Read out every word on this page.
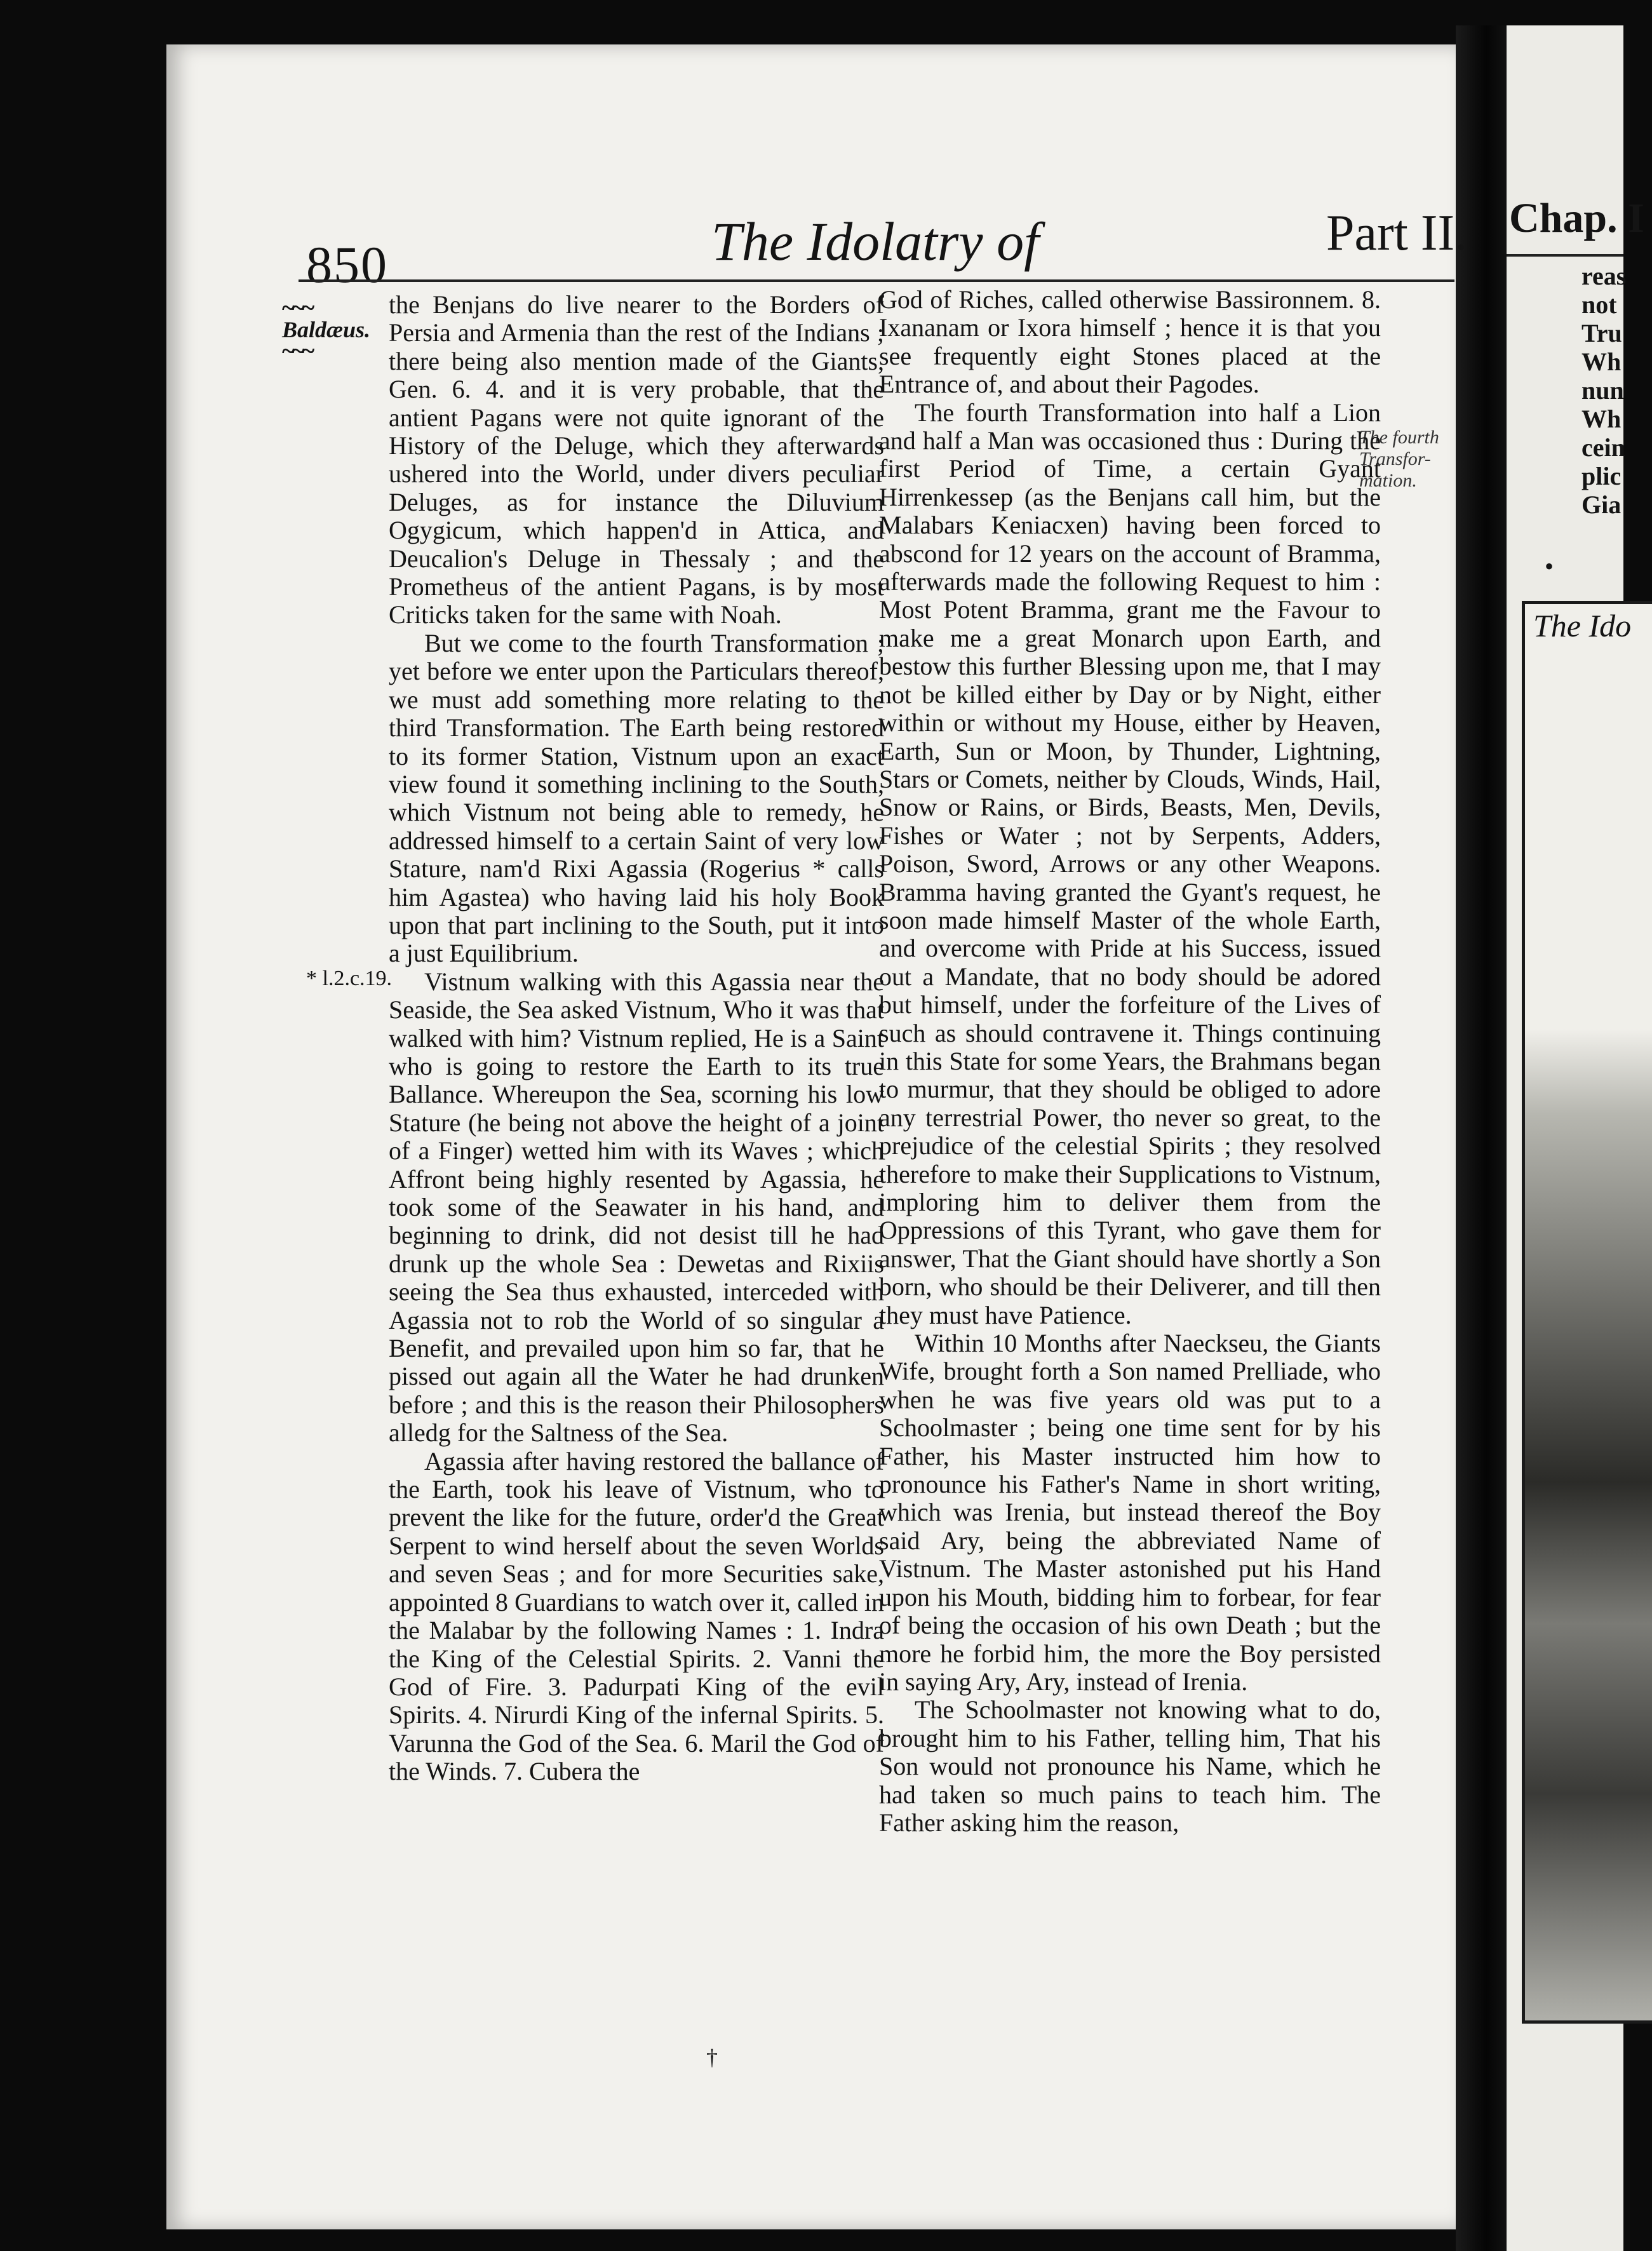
850	The Idolatry of	Part II.
~~~
Baldæus.
~~~
* l.2.c.19.
The fourth
Transfor-
mation.

the Benjans do live nearer to the Borders of Persia and Armenia than the rest of the Indians ; there being also mention made of the Giants, Gen. 6. 4. and it is very probable, that the antient Pagans were not quite ignorant of the History of the Deluge, which they afterwards ushered into the World, under divers peculiar Deluges, as for instance the Diluvium Ogygicum, which happen'd in Attica, and Deucalion's Deluge in Thessaly ; and the Prometheus of the antient Pagans, is by most Criticks taken for the same with Noah.

But we come to the fourth Transformation ; yet before we enter upon the Particulars thereof, we must add something more relating to the third Transformation. The Earth being restored to its former Station, Vistnum upon an exact view found it something inclining to the South, which Vistnum not being able to remedy, he addressed himself to a certain Saint of very low Stature, nam'd Rixi Agassia (Rogerius * calls him Agastea) who having laid his holy Book upon that part inclining to the South, put it into a just Equilibrium.

Vistnum walking with this Agassia near the Seaside, the Sea asked Vistnum, Who it was that walked with him? Vistnum replied, He is a Saint who is going to restore the Earth to its true Ballance. Whereupon the Sea, scorning his low Stature (he being not above the height of a joint of a Finger) wetted him with its Waves ; which Affront being highly resented by Agassia, he took some of the Seawater in his hand, and beginning to drink, did not desist till he had drunk up the whole Sea : Dewetas and Rixiis seeing the Sea thus exhausted, interceded with Agassia not to rob the World of so singular a Benefit, and prevailed upon him so far, that he pissed out again all the Water he had drunken before ; and this is the reason their Philosophers alledg for the Saltness of the Sea.

Agassia after having restored the ballance of the Earth, took his leave of Vistnum, who to prevent the like for the future, order'd the Great Serpent to wind herself about the seven Worlds and seven Seas ; and for more Securities sake, appointed 8 Guardians to watch over it, called in the Malabar by the following Names : 1. Indra the King of the Celestial Spirits. 2. Vanni the God of Fire. 3. Padurpati King of the evil Spirits. 4. Nirurdi King of the infernal Spirits. 5. Varunna the God of the Sea. 6. Maril the God of the Winds. 7. Cubera the

God of Riches, called otherwise Bassironnem. 8. Ixananam or Ixora himself ; hence it is that you see frequently eight Stones placed at the Entrance of, and about their Pagodes.

The fourth Transformation into half a Lion and half a Man was occasioned thus : During the first Period of Time, a certain Gyant Hirrenkessep (as the Benjans call him, but the Malabars Keniacxen) having been forced to abscond for 12 years on the account of Bramma, afterwards made the following Request to him : Most Potent Bramma, grant me the Favour to make me a great Monarch upon Earth, and bestow this further Blessing upon me, that I may not be killed either by Day or by Night, either within or without my House, either by Heaven, Earth, Sun or Moon, by Thunder, Lightning, Stars or Comets, neither by Clouds, Winds, Hail, Snow or Rains, or Birds, Beasts, Men, Devils, Fishes or Water ; not by Serpents, Adders, Poison, Sword, Arrows or any other Weapons. Bramma having granted the Gyant's request, he soon made himself Master of the whole Earth, and overcome with Pride at his Success, issued out a Mandate, that no body should be adored but himself, under the forfeiture of the Lives of such as should contravene it. Things continuing in this State for some Years, the Brahmans began to murmur, that they should be obliged to adore any terrestrial Power, tho never so great, to the prejudice of the celestial Spirits ; they resolved therefore to make their Supplications to Vistnum, imploring him to deliver them from the Oppressions of this Tyrant, who gave them for answer, That the Giant should have shortly a Son born, who should be their Deliverer, and till then they must have Patience.

Within 10 Months after Naeckseu, the Giants Wife, brought forth a Son named Prelliade, who when he was five years old was put to a Schoolmaster ; being one time sent for by his Father, his Master instructed him how to pronounce his Father's Name in short writing, which was Irenia, but instead thereof the Boy said Ary, being the abbreviated Name of Vistnum. The Master astonished put his Hand upon his Mouth, bidding him to forbear, for fear of being the occasion of his own Death ; but the more he forbid him, the more the Boy persisted in saying Ary, Ary, instead of Irenia.

The Schoolmaster not knowing what to do, brought him to his Father, telling him, That his Son would not pronounce his Name, which he had taken so much pains to teach him. The Father asking him the reason,

†
Chap. I
reas
not
Tru
Wh
nun
Wh
cein
plic
Gia
•
The Ido
